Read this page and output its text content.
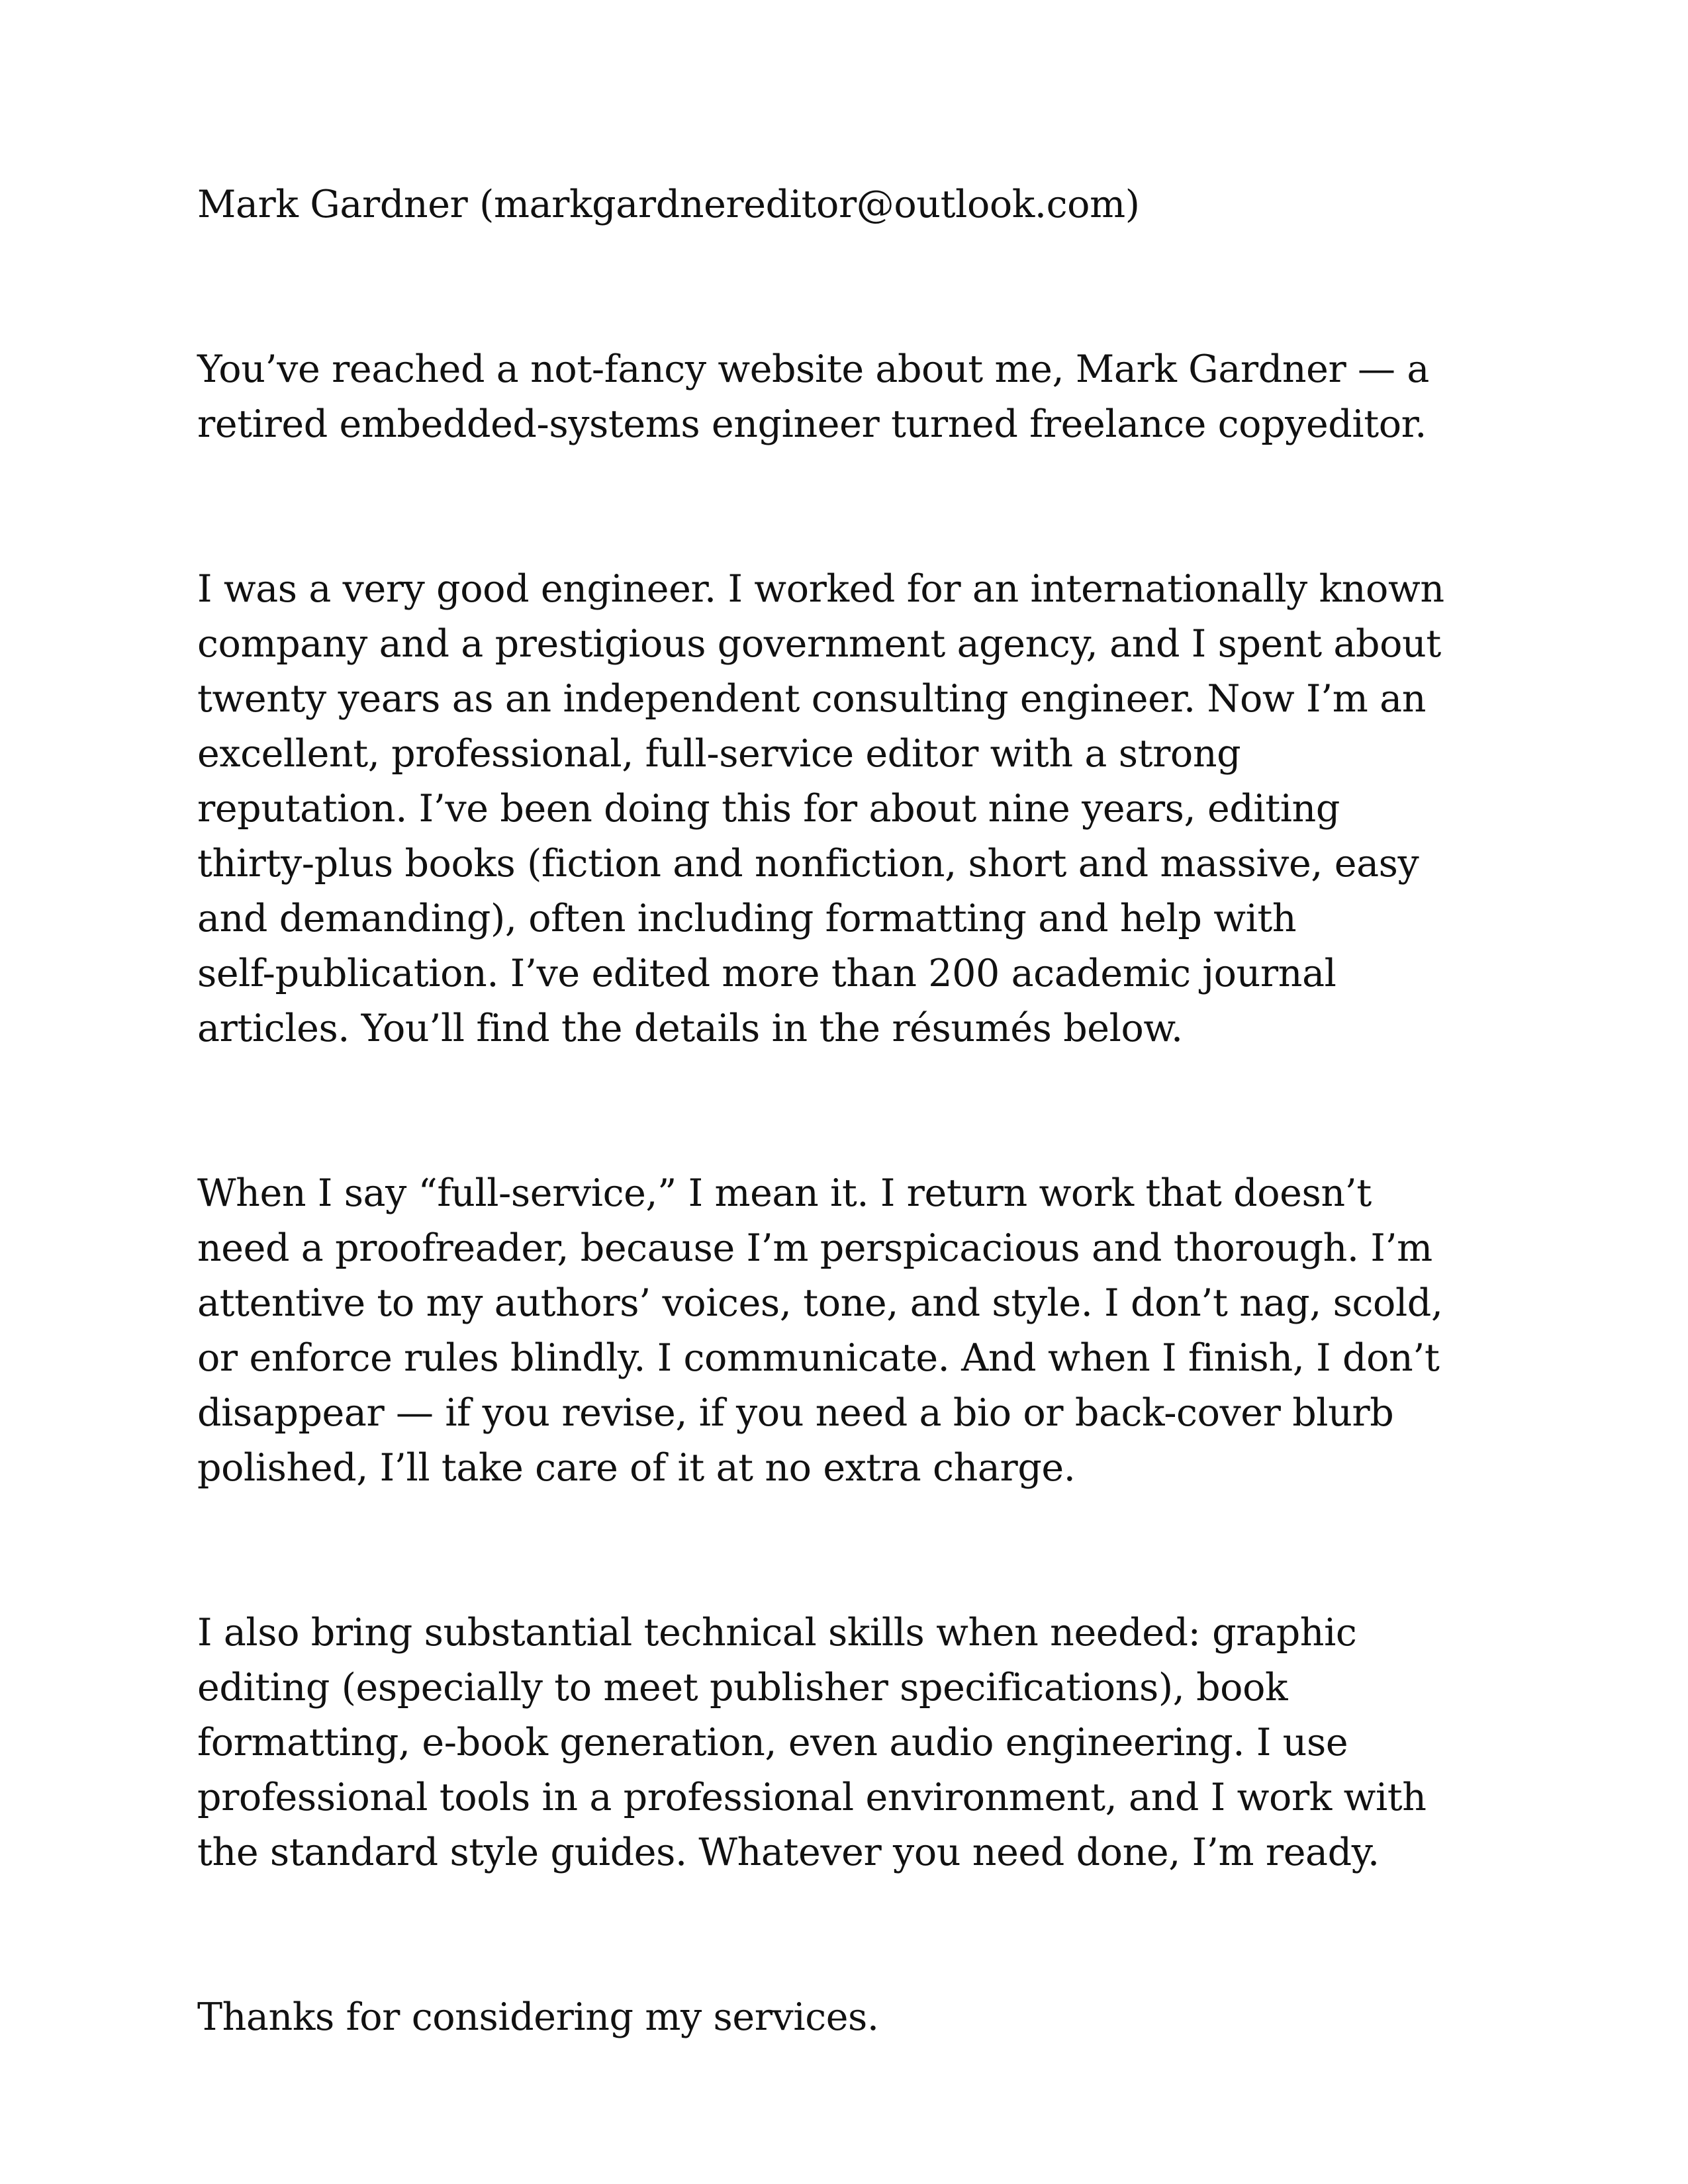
Mark Gardner (markgardnereditor@outlook.com)

You’ve reached a not-fancy website about me, Mark Gardner — a
retired embedded-systems engineer turned freelance copyeditor.

I was a very good engineer. I worked for an internationally known
company and a prestigious government agency, and I spent about
twenty years as an independent consulting engineer. Now I’m an
excellent, professional, full-service editor with a strong
reputation. I’ve been doing this for about nine years, editing
thirty-plus books (fiction and nonfiction, short and massive, easy
and demanding), often including formatting and help with
self-publication. I’ve edited more than 200 academic journal
articles. You’ll find the details in the résumés below.

When I say “full-service,” I mean it. I return work that doesn’t
need a proofreader, because I’m perspicacious and thorough. I’m
attentive to my authors’ voices, tone, and style. I don’t nag, scold,
or enforce rules blindly. I communicate. And when I finish, I don’t
disappear — if you revise, if you need a bio or back-cover blurb
polished, I’ll take care of it at no extra charge.

I also bring substantial technical skills when needed: graphic
editing (especially to meet publisher specifications), book
formatting, e-book generation, even audio engineering. I use
professional tools in a professional environment, and I work with
the standard style guides. Whatever you need done, I’m ready.

Thanks for considering my services.
